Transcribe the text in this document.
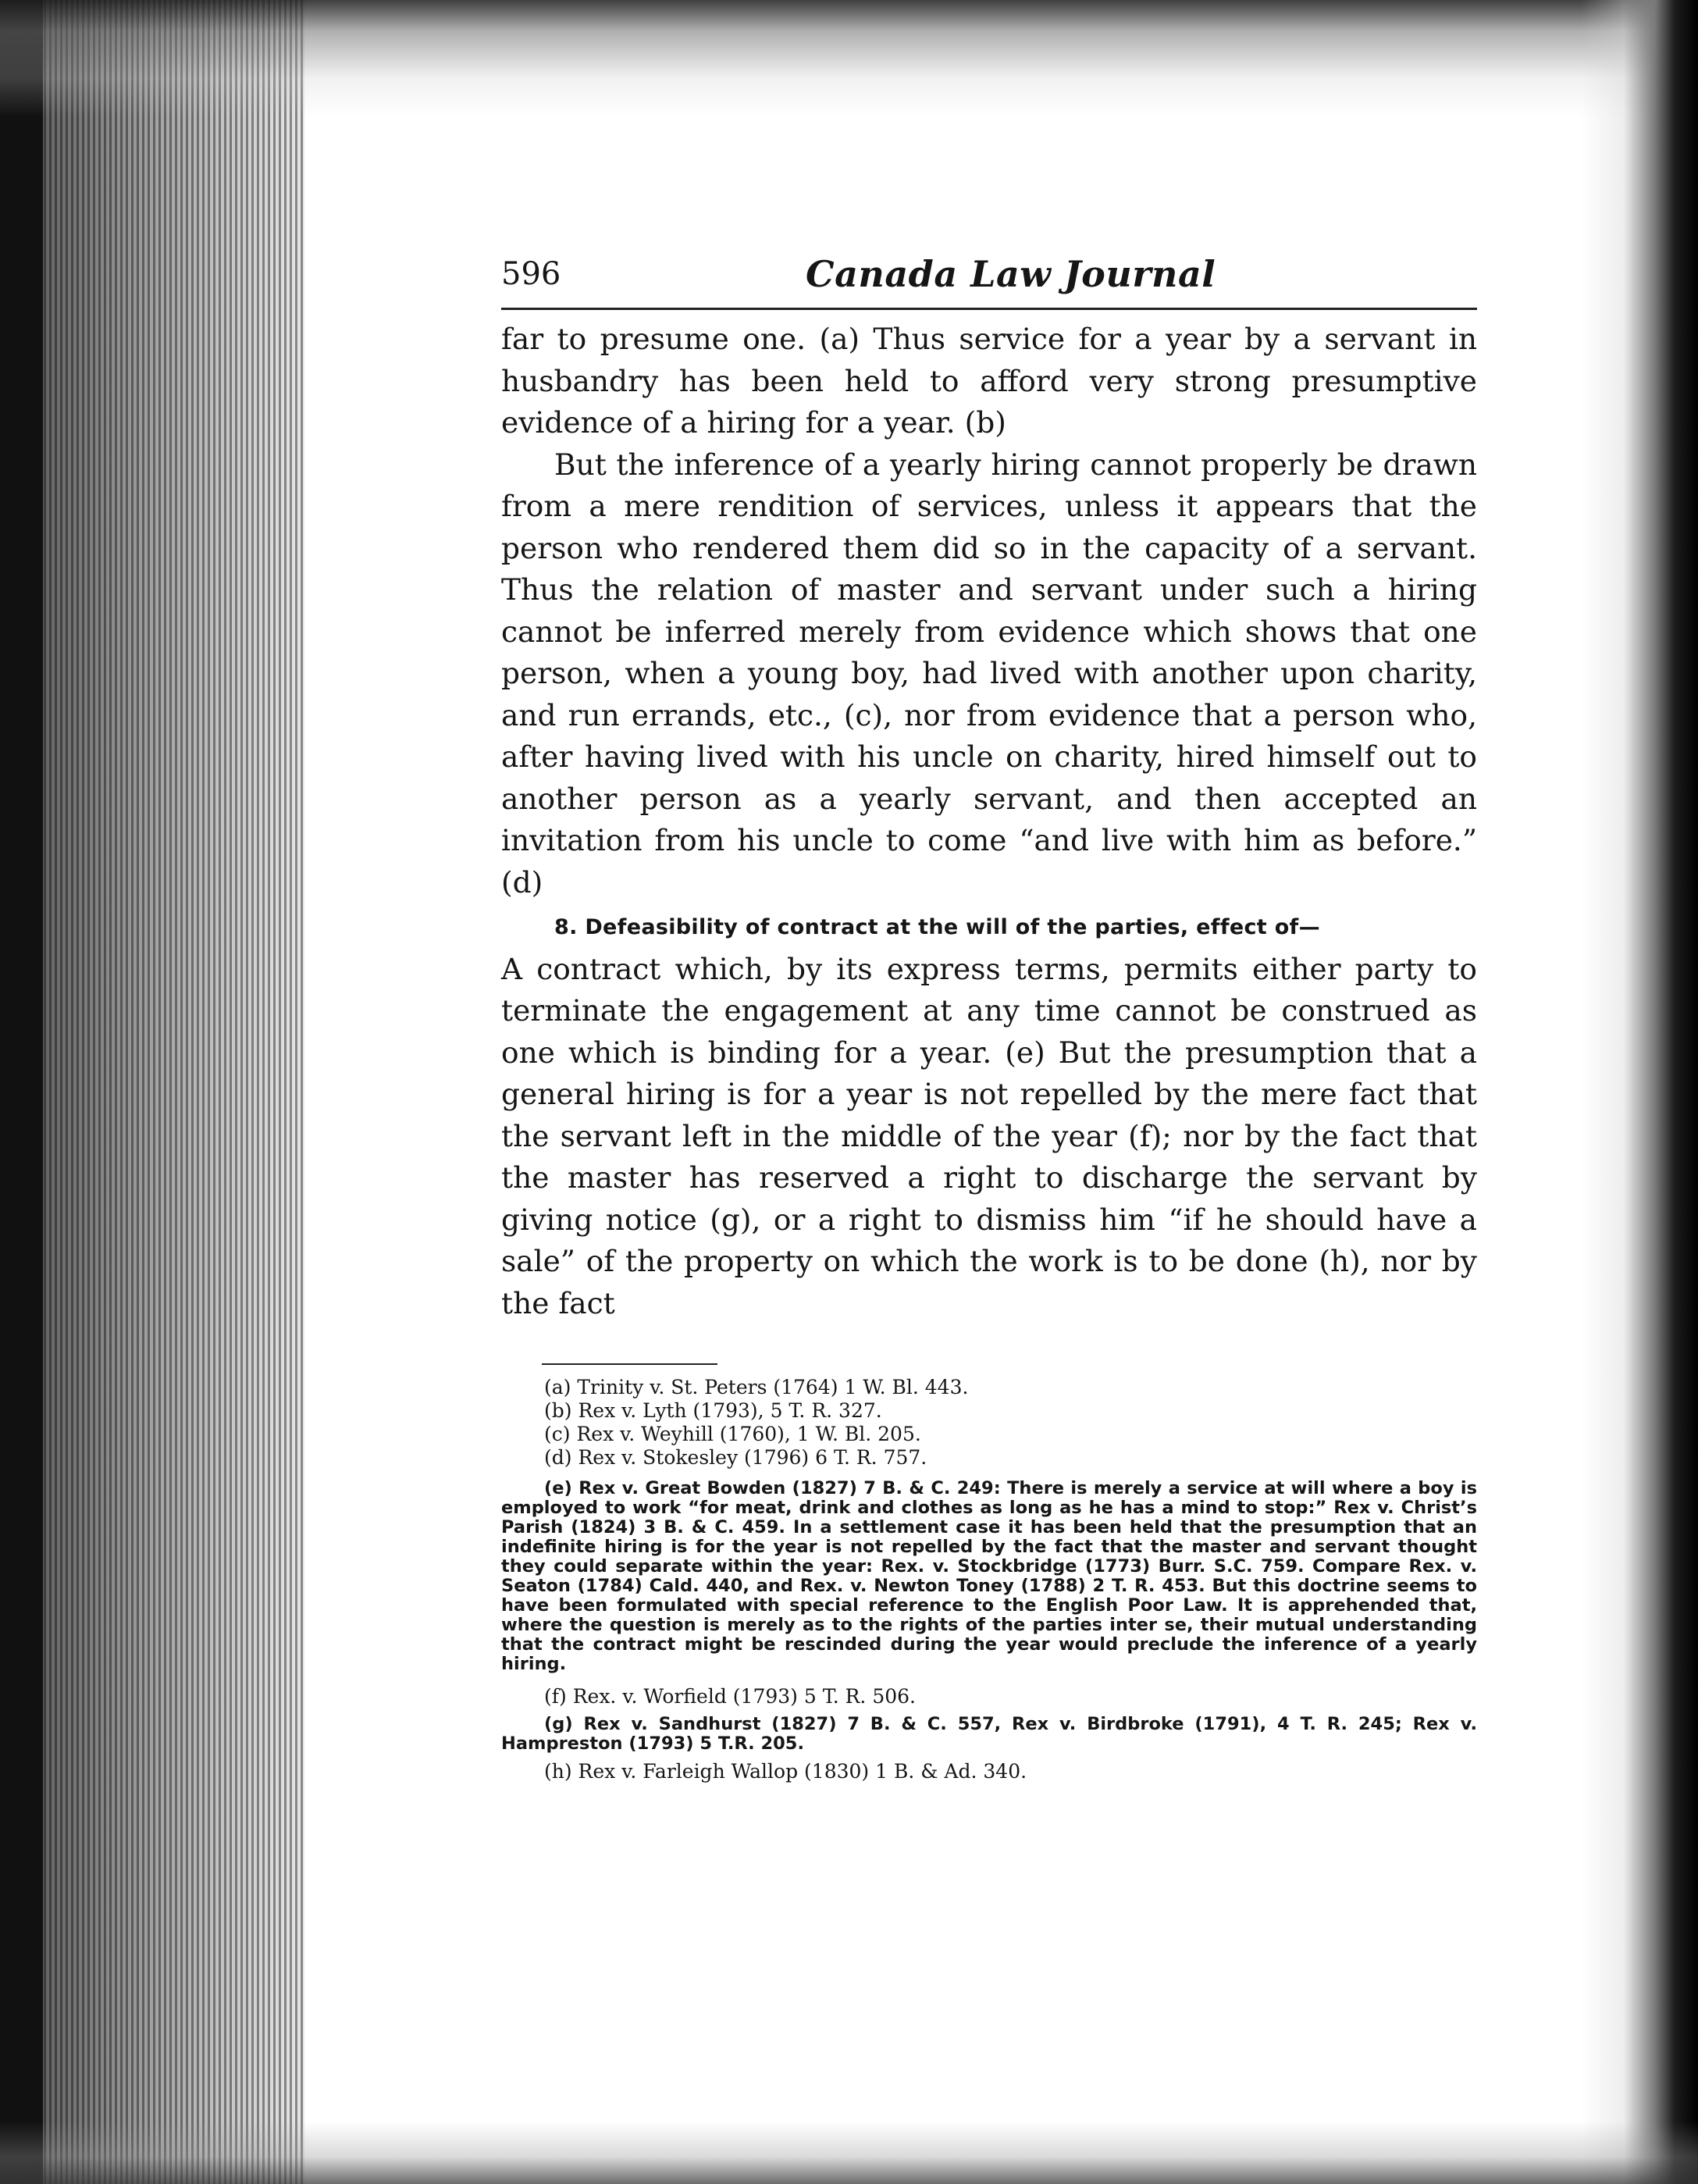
596	Canada Law Journal

far to presume one. (a) Thus service for a year by a servant in husbandry has been held to afford very strong presumptive evidence of a hiring for a year. (b)

But the inference of a yearly hiring cannot properly be drawn from a mere rendition of services, unless it appears that the person who rendered them did so in the capacity of a servant. Thus the relation of master and servant under such a hiring cannot be inferred merely from evidence which shows that one person, when a young boy, had lived with another upon charity, and run errands, etc., (c), nor from evidence that a person who, after having lived with his uncle on charity, hired himself out to another person as a yearly servant, and then accepted an invitation from his uncle to come “and live with him as before.” (d)

8. Defeasibility of contract at the will of the parties, effect of—
A contract which, by its express terms, permits either party to terminate the engagement at any time cannot be construed as one which is binding for a year. (e) But the presumption that a general hiring is for a year is not repelled by the mere fact that the servant left in the middle of the year (f); nor by the fact that the master has reserved a right to discharge the servant by giving notice (g), or a right to dismiss him “if he should have a sale” of the property on which the work is to be done (h), nor by the fact

(a) Trinity v. St. Peters (1764) 1 W. Bl. 443.
(b) Rex v. Lyth (1793), 5 T. R. 327.
(c) Rex v. Weyhill (1760), 1 W. Bl. 205.
(d) Rex v. Stokesley (1796) 6 T. R. 757.
(e) Rex v. Great Bowden (1827) 7 B. & C. 249: There is merely a service at will where a boy is employed to work “for meat, drink and clothes as long as he has a mind to stop:” Rex v. Christ’s Parish (1824) 3 B. & C. 459. In a settlement case it has been held that the presumption that an indefinite hiring is for the year is not repelled by the fact that the master and servant thought they could separate within the year: Rex. v. Stockbridge (1773) Burr. S.C. 759. Compare Rex. v. Seaton (1784) Cald. 440, and Rex. v. Newton Toney (1788) 2 T. R. 453. But this doctrine seems to have been formulated with special reference to the English Poor Law. It is apprehended that, where the question is merely as to the rights of the parties inter se, their mutual understanding that the contract might be rescinded during the year would preclude the inference of a yearly hiring.
(f) Rex. v. Worfield (1793) 5 T. R. 506.
(g) Rex v. Sandhurst (1827) 7 B. & C. 557, Rex v. Birdbroke (1791), 4 T. R. 245; Rex v. Hampreston (1793) 5 T.R. 205.
(h) Rex v. Farleigh Wallop (1830) 1 B. & Ad. 340.
